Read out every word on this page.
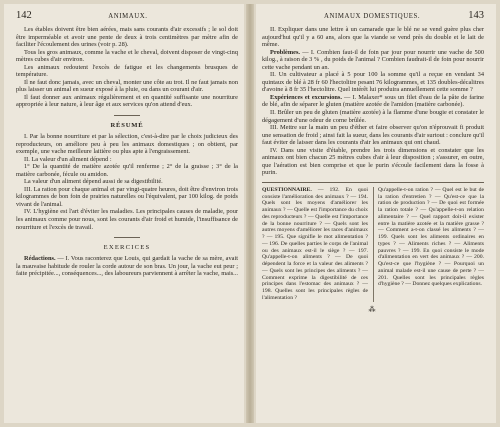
142	ANIMAUX.

Les étables doivent être bien aérées, mais sans courants d'air excessifs ; le sol doit être imperméable et avoir une pente de deux à trois centimètres par mètre afin de faciliter l'écoulement des urines (voir p. 28).

Tous les gros animaux, comme la vache et le cheval, doivent disposer de vingt-cinq mètres cubes d'air environ.

Les animaux redoutent l'excès de fatigue et les changements brusques de température.

Il ne faut donc jamais, avec un cheval, monter une côte au trot. Il ne faut jamais non plus laisser un animal en sueur exposé à la pluie, ou dans un courant d'air.

Il faut donner aux animaux régulièrement et en quantité suffisante une nourriture appropriée à leur nature, à leur âge et aux services qu'on attend d'eux.

RÉSUMÉ

I. Par la bonne nourriture et par la sélection, c'est-à-dire par le choix judicieux des reproducteurs, on améliore peu à peu les animaux domestiques ; on obtient, par exemple, une vache meilleure laitière ou plus apte à l'engraissement.

II. La valeur d'un aliment dépend :

1° De la quantité de matière azotée qu'il renferme ; 2° de la graisse ; 3° de la matière carbonée, fécule ou amidon.

La valeur d'un aliment dépend aussi de sa digestibilité.

III. La ration pour chaque animal et par vingt-quatre heures, doit être d'environ trois kilogrammes de bon foin de prairies naturelles ou l'équivalent, par 100 kilog. de poids vivant de l'animal.

IV. L'hygiène est l'art d'éviter les maladies. Les principales causes de maladie, pour les animaux comme pour nous, sont les courants d'air froid et humide, l'insuffisance de nourriture et l'excès de travail.

EXERCICES

Rédactions. — I. Vous raconterez que Louis, qui gardait la vache de sa mère, avait la mauvaise habitude de rouler la corde autour de son bras. Un jour, la vache eut peur ; faite précipitée..., conséquences..., des laboureurs parviennent à arrêter la vache, mais...

ANIMAUX DOMESTIQUES.	143

II. Expliquer dans une lettre à un camarade que le blé ne se vend guère plus cher aujourd'hui qu'il y a 60 ans, alors que la viande se vend près du double et le lait de même.

Problèmes. — I. Combien faut-il de foin par jour pour nourrir une vache de 500 kilog., à raison de 3 % , du poids de l'animal ? Combien faudrait-il de foin pour nourrir cette vache pendant un an.

II. Un cultivateur a placé à 5 pour 100 la somme qu'il a reçue en vendant 34 quintaux de blé à 28 fr 60 l'hectolitre pesant 76 kilogrammes, et 135 doubles-décalitres d'avoine à 8 fr 35 l'hectolitre. Quel intérêt lui produira annuellement cette somme ?

Expériences et excursions. — I. Malaxer* sous un filet d'eau de la pâte de farine de blé, afin de séparer le gluten (matière azotée de l'amidon (matière carbonée).

II. Brûler un peu de gluten (matière azotée) à la flamme d'une bougie et constater le dégagement d'une odeur de corne brûlée.

III. Mettre sur la main un peu d'éther et faire observer qu'on n'éprouvait fi produit une sensation de froid ; ainsi fait la sueur, dans les courants d'air surtout : conclure qu'il faut éviter de laisser dans les courants d'air les animaux qui ont chaud.

IV. Dans une visite d'étable, prendre les trois dimensions et constater que les animaux ont bien chacun 25 mètres cubes d'air à leur disposition ; s'assurer, en outre, que l'aération est bien comprise et que le purin s'écoule facilement dans la fosse à purin.

QUESTIONNAIRE. — 192. En quoi consiste l'amélioration des animaux ? — 194. Quels sont les moyens d'améliorer les animaux ? — Quelle est l'importance du choix des reproducteurs ? — Quelle est l'importance de la bonne nourriture ? — Quels sont les autres moyens d'améliorer les races d'animaux ? — 195. Que signifie le mot alimentation ? — 196. De quelles parties le corps de l'animal ou des animaux est-il le siège ? — 197. Qu'appelle-t-on aliments ? — De quoi dépendent la force et la valeur des aliments ? — Quels sont les principes des aliments ? — Comment exprime la digestibilité de ces principes dans l'estomac des animaux ? — 198. Quelles sont les principales règles de l'alimentation ?

Qu'appelle-t-on ration ? — Quel est le but de la ration d'entretien ? — Qu'est-ce que la ration de production ? — De quoi est formée la ration totale ? — Qu'appelle-t-on relation alimentaire ? — Quel rapport doit-il exister entre la matière azotée et la matière grasse ? — Comment a-t-on classé les aliments ? — 199. Quels sont les aliments ordinaires en types ? — Aliments riches ? — Aliments pauvres ? — 199. En quoi consiste le mode d'alimentation en vert des animaux ? — 200. Qu'est-ce que l'hygiène ? — Pourquoi un animal malade est-il une cause de perte ? — 201. Quelles sont les principales règles d'hygiène ? — Donnez quelques explications.

⁂
